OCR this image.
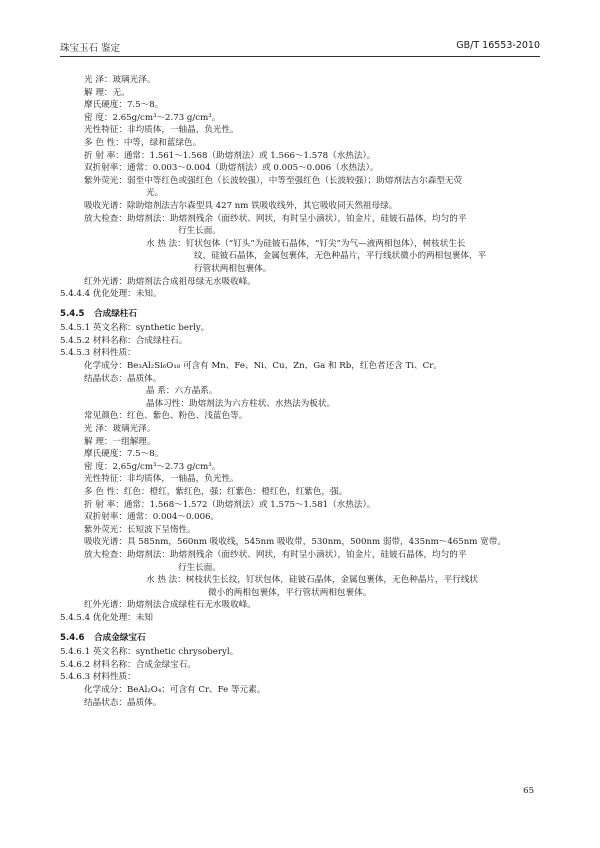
珠宝玉石 鉴定	GB/T 16553-2010
光 泽：玻璃光泽。
解 理：无。
摩氏硬度：7.5～8。
密 度：2.65g/cm³～2.73 g/cm³。
光性特征：非均质体，一轴晶，负光性。
多 色 性：中等，绿和蓝绿色。
折 射 率：通常：1.561～1.568（助熔剂法）或 1.566～1.578（水热法）。
双折射率：通常：0.003～0.004（助熔剂法）或 0.005～0.006（水热法）。
紫外荧光：弱至中等红色或强红色（长波较强），中等至强红色（长波较强）；助熔剂法吉尔森型无荧
光。
吸收光谱：除助熔剂法吉尔森型具 427 nm 铁吸收线外，其它吸收同天然祖母绿。
放大检查：助熔剂法：助熔剂残余（面纱状、网状，有时呈小滴状），铂金片，硅铍石晶体，均匀的平
行生长面。
水 热 法：钉状包体（“钉头”为硅铍石晶体，“钉尖”为气—液两相包体），树枝状生长
纹，硅铍石晶体，金属包裹体，无色种晶片，平行线状微小的两相包裹体，平
行管状两相包裹体。
红外光谱：助熔剂法合成祖母绿无水吸收峰。
5.4.4.4 优化处理：未知。
5.4.5 合成绿柱石
5.4.5.1 英文名称：synthetic berly。
5.4.5.2 材料名称：合成绿柱石。
5.4.5.3 材料性质：
化学成分：Be₃Al₂Si₆O₁₈ 可含有 Mn、Fe、Ni、Cu、Zn、Ga 和 Rb，红色者还含 Ti、Cr。
结晶状态：晶质体。
晶 系：六方晶系。
晶体习性：助熔剂法为六方柱状、水热法为板状。
常见颜色：红色、紫色、粉色、浅蓝色等。
光 泽：玻璃光泽。
解 理：一组解理。
摩氏硬度：7.5～8。
密 度：2.65g/cm³～2.73 g/cm³。
光性特征：非均质体，一轴晶，负光性。
多 色 性：红色：橙红，紫红色，强；红紫色：橙红色，红紫色，强。
折 射 率：通常：1.568～1.572（助熔剂法）或 1.575～1.581（水热法）。
双折射率：通常：0.004～0.006。
紫外荧光：长短波下呈惰性。
吸收光谱：具 585nm，560nm 吸收线，545nm 吸收带，530nm，500nm 弱带，435nm～465nm 宽带。
放大检查：助熔剂法：助熔剂残余（面纱状、网状，有时呈小滴状），铂金片，硅铍石晶体，均匀的平
行生长面。
水 热 法：树枝状生长纹，钉状包体，硅铍石晶体，金属包裹体，无色种晶片，平行线状
微小的两相包裹体，平行管状两相包裹体。
红外光谱：助熔剂法合成绿柱石无水吸收峰。
5.4.5.4 优化处理：未知
5.4.6 合成金绿宝石
5.4.6.1 英文名称：synthetic chrysoberyl。
5.4.6.2 材料名称：合成金绿宝石。
5.4.6.3 材料性质：
化学成分：BeAl₂O₄；可含有 Cr、Fe 等元素。
结晶状态：晶质体。
65
